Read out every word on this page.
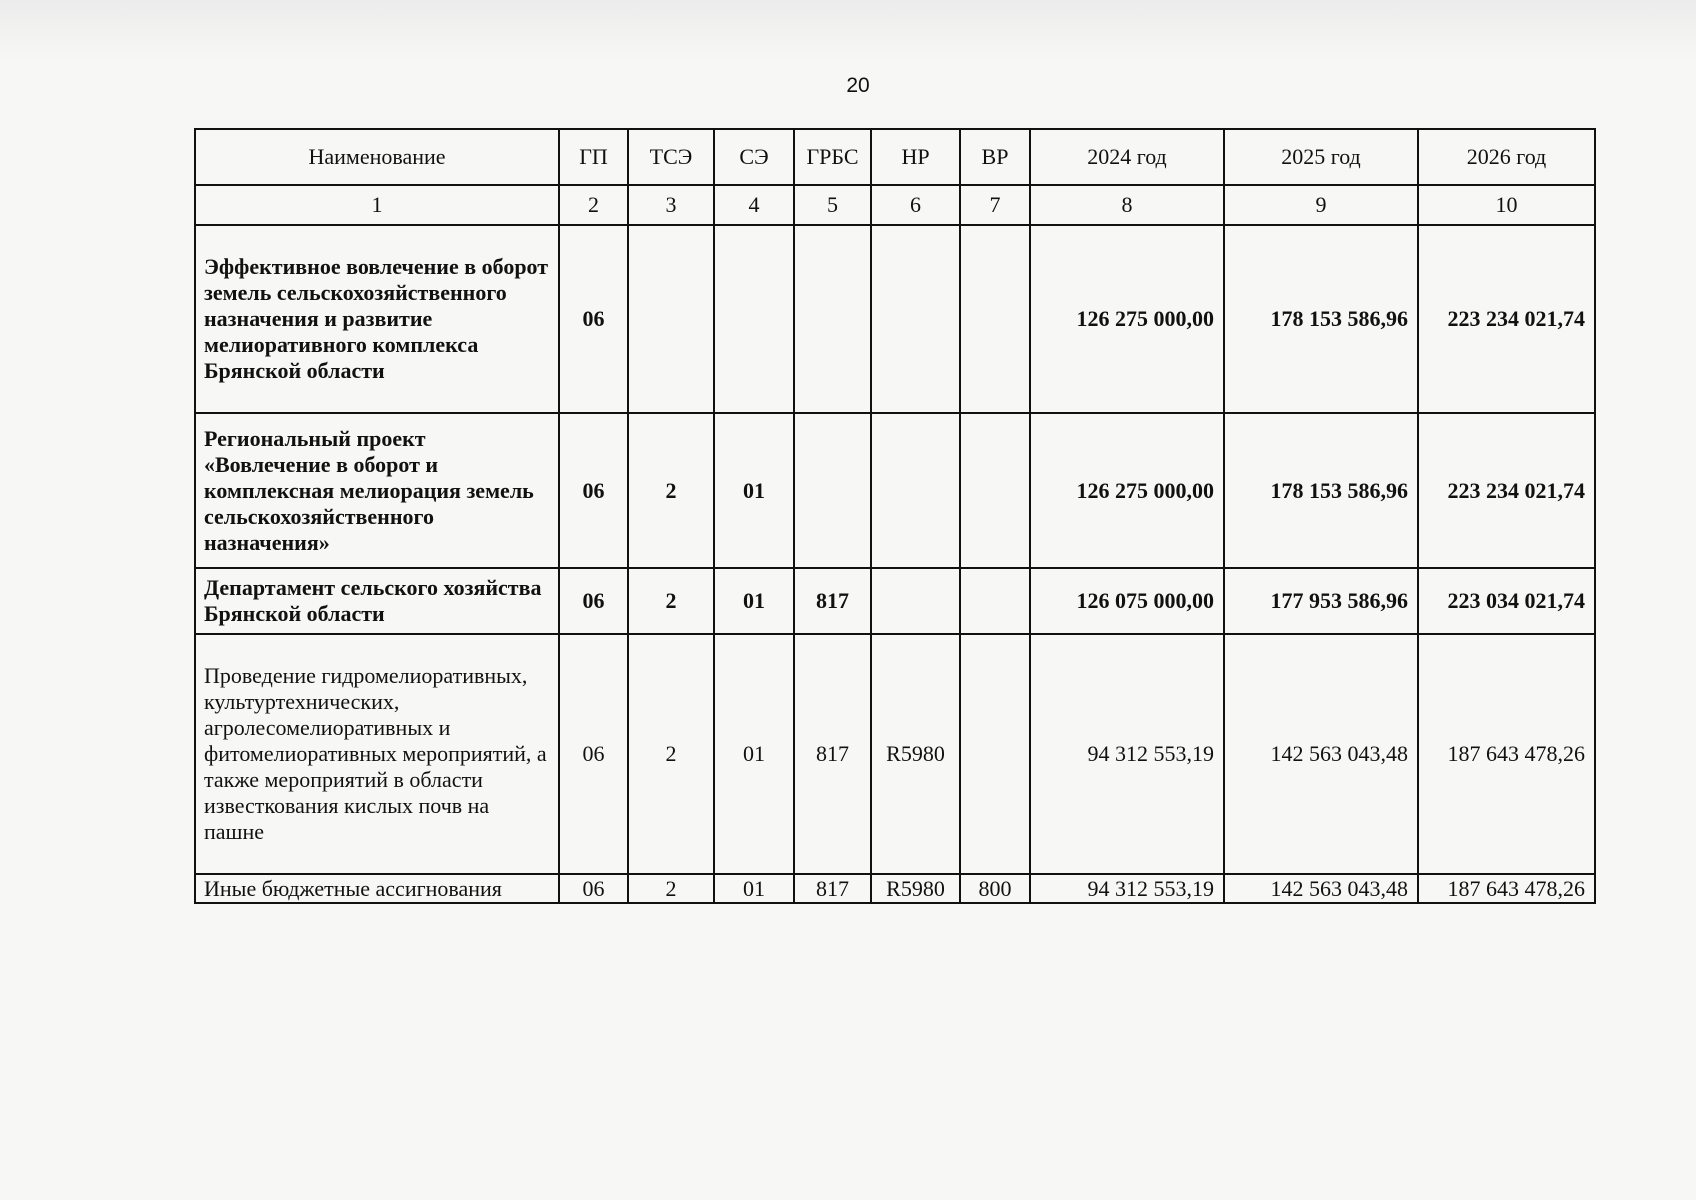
20
Наименование	ГП	ТСЭ	СЭ	ГРБС	НР	ВР	2024 год	2025 год	2026 год
1	2	3	4	5	6	7	8	9	10
Эффективное вовлечение в оборот земель сельскохозяйственного назначения и развитие мелиоративного комплекса Брянской области	06						126 275 000,00	178 153 586,96	223 234 021,74
Региональный проект «Вовлечение в оборот и комплексная мелиорация земель сельскохозяйственного назначения»	06	2	01				126 275 000,00	178 153 586,96	223 234 021,74
Департамент сельского хозяйства Брянской области	06	2	01	817			126 075 000,00	177 953 586,96	223 034 021,74
Проведение гидромелиоративных, культуртехнических, агролесомелиоративных и фитомелиоративных мероприятий, а также мероприятий в области известкования кислых почв на пашне	06	2	01	817	R5980		94 312 553,19	142 563 043,48	187 643 478,26
Иные бюджетные ассигнования	06	2	01	817	R5980	800	94 312 553,19	142 563 043,48	187 643 478,26
